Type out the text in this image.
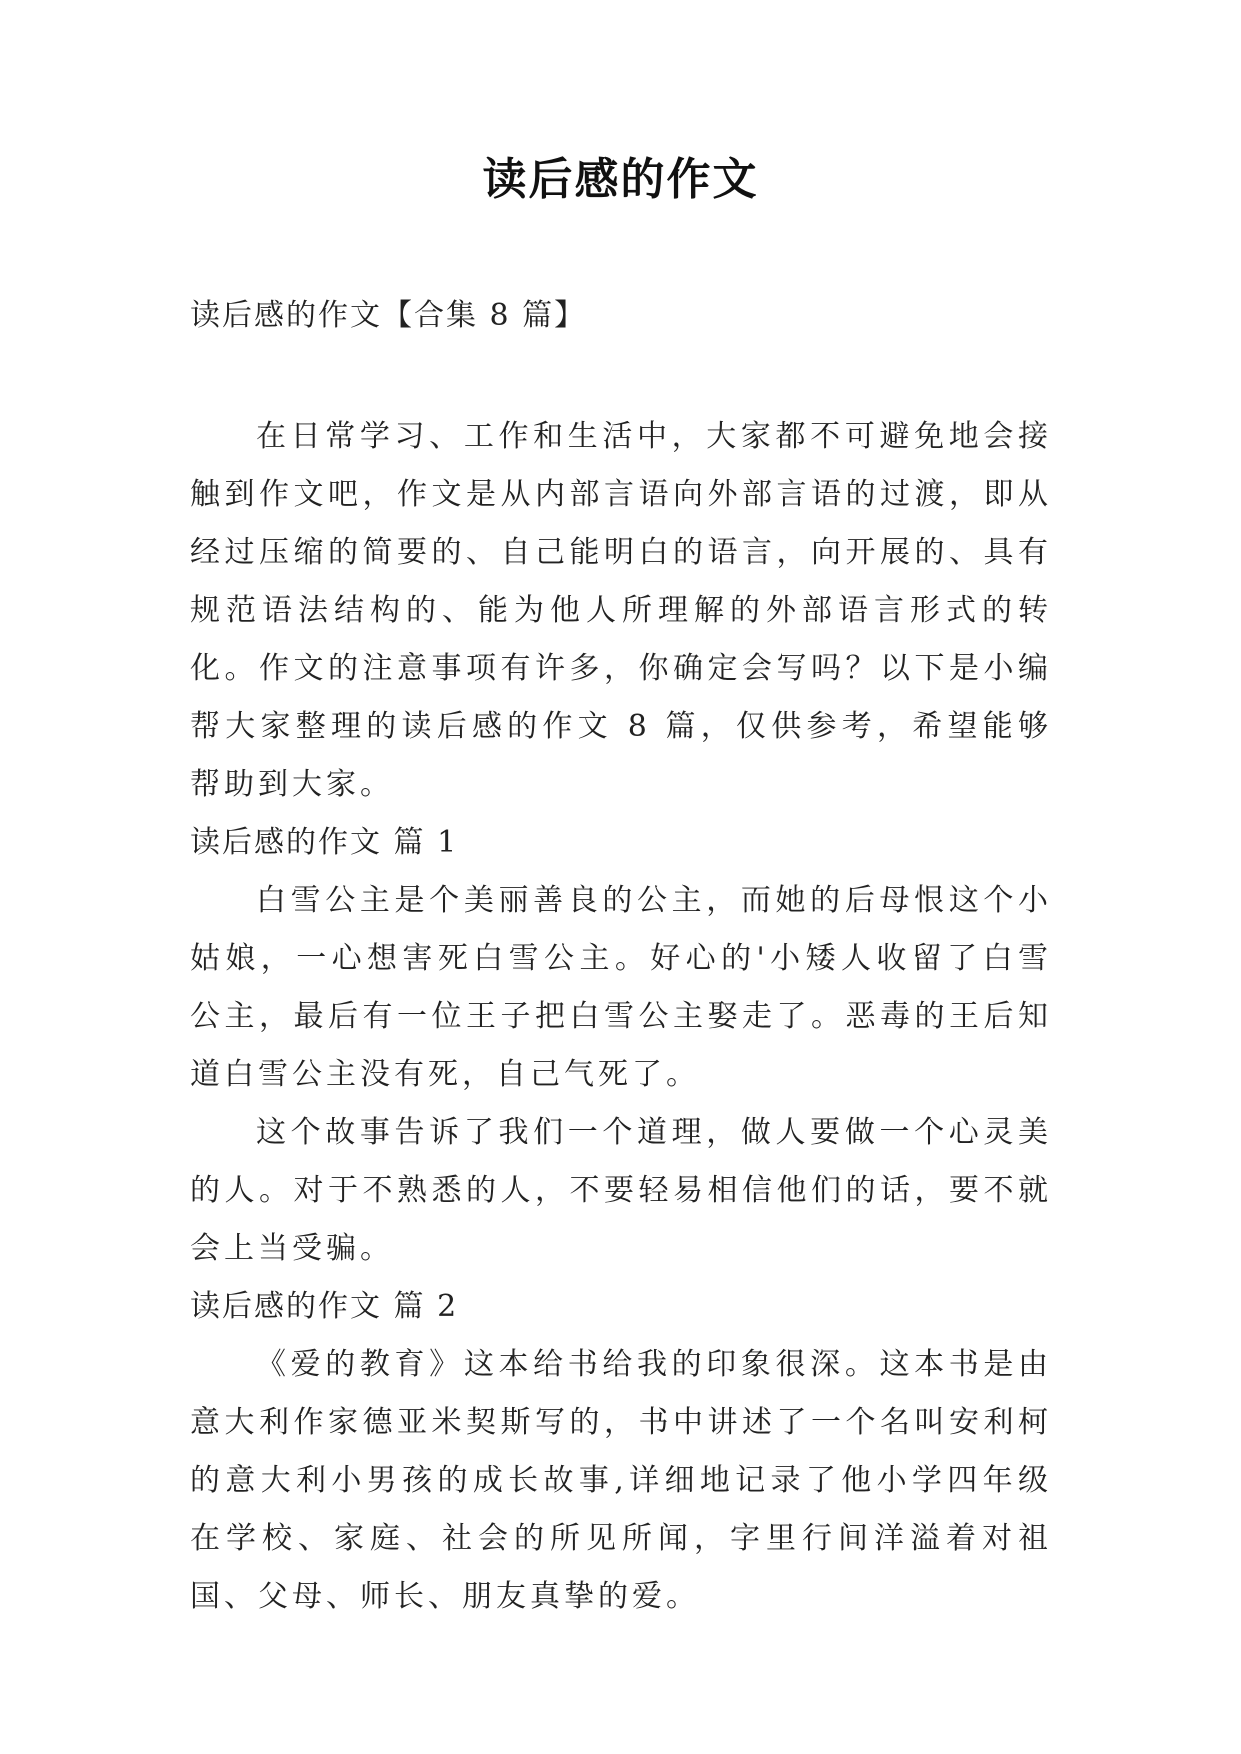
读后感的作文
读后感的作文【合集 8 篇】

在日常学习、工作和生活中，大家都不可避免地会接触到作文吧，作文是从内部言语向外部言语的过渡，即从经过压缩的简要的、自己能明白的语言，向开展的、具有规范语法结构的、能为他人所理解的外部语言形式的转化。作文的注意事项有许多，你确定会写吗？以下是小编帮大家整理的读后感的作文 8 篇，仅供参考，希望能够帮助到大家。

读后感的作文 篇 1

白雪公主是个美丽善良的公主，而她的后母恨这个小姑娘，一心想害死白雪公主。好心的'小矮人收留了白雪公主，最后有一位王子把白雪公主娶走了。恶毒的王后知道白雪公主没有死，自己气死了。

这个故事告诉了我们一个道理，做人要做一个心灵美的人。对于不熟悉的人，不要轻易相信他们的话，要不就会上当受骗。

读后感的作文 篇 2

《爱的教育》这本给书给我的印象很深。这本书是由意大利作家德亚米契斯写的，书中讲述了一个名叫安利柯的意大利小男孩的成长故事,详细地记录了他小学四年级在学校、家庭、社会的所见所闻，字里行间洋溢着对祖国、父母、师长、朋友真挚的爱。
